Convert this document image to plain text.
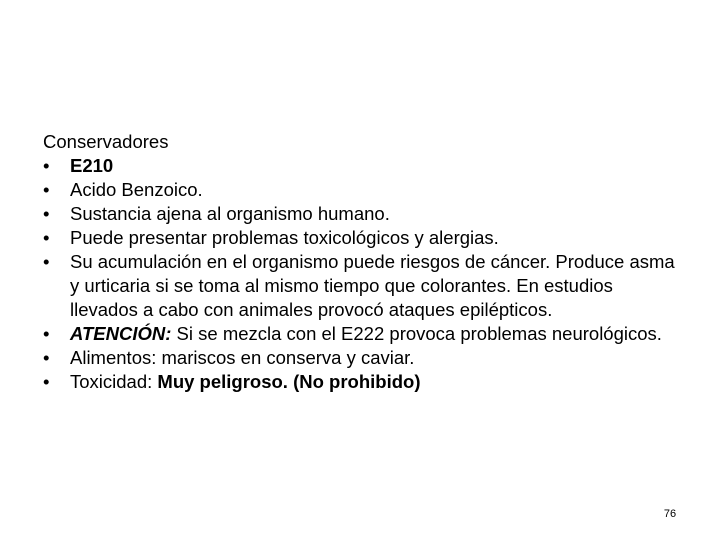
Conservadores
•	E210
•	Acido Benzoico.
•	Sustancia ajena al organismo humano.
•	Puede presentar problemas toxicológicos y alergias.
•	Su acumulación en el organismo puede riesgos de cáncer. Produce asma y urticaria si se toma al mismo tiempo que colorantes. En estudios llevados a cabo con animales provocó ataques epilépticos.
•	ATENCIÓN: Si se mezcla con el E222 provoca problemas neurológicos.
•	Alimentos: mariscos en conserva y caviar.
•	Toxicidad: Muy peligroso. (No prohibido)
76
